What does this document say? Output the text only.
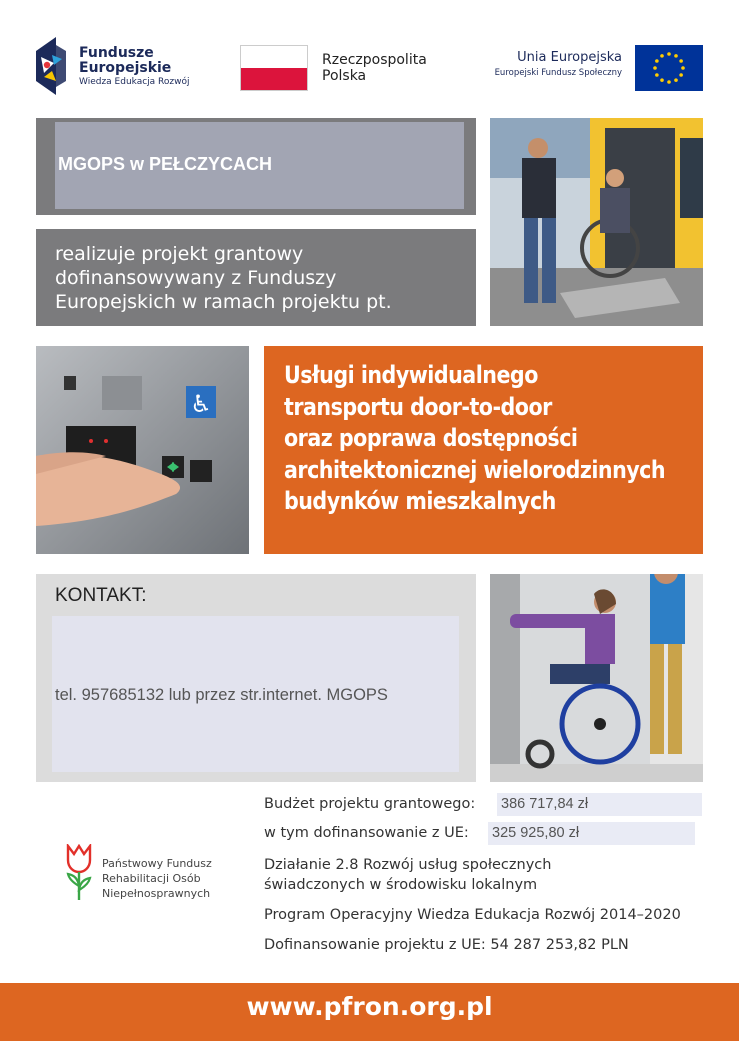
Fundusze
Europejskie
Wiedza Edukacja Rozwój
Rzeczpospolita
Polska
Unia Europejska
Europejski Fundusz Społeczny
MGOPS w PEŁCZYCACH
realizuje projekt grantowy
dofinansowywany z Funduszy
Europejskich w ramach projektu pt.
♿
Usługi indywidualnego
transportu door-to-door
oraz poprawa dostępności
architektonicznej wielorodzinnych
budynków mieszkalnych
KONTAKT:
tel. 957685132 lub przez str.internet. MGOPS
Budżet projektu grantowego: 386 717,84 zł
w tym dofinansowanie z UE: 325 925,80 zł
Działanie 2.8 Rozwój usług społecznych
świadczonych w środowisku lokalnym
Program Operacyjny Wiedza Edukacja Rozwój 2014–2020
Dofinansowanie projektu z UE: 54 287 253,82 PLN
Państwowy Fundusz
Rehabilitacji Osób
Niepełnosprawnych
www.pfron.org.pl
